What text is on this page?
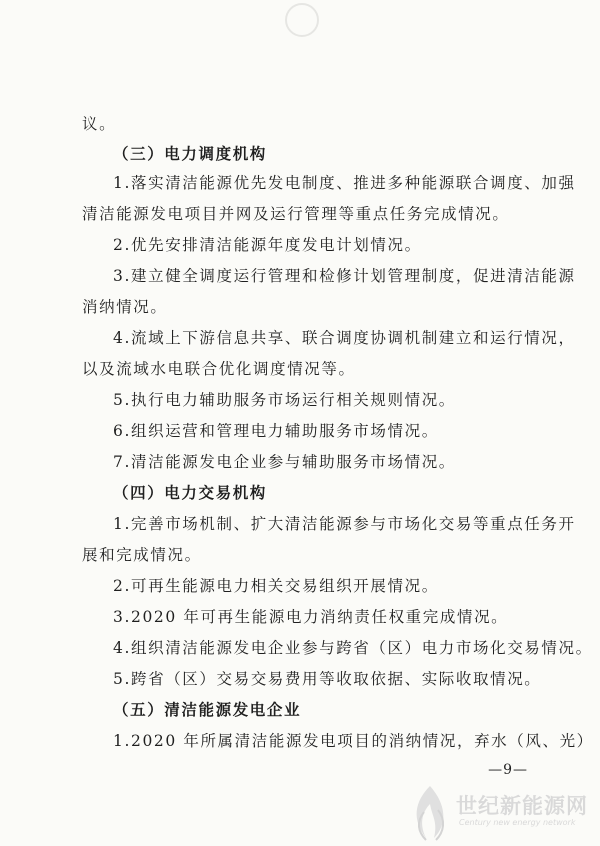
议。
（三）电力调度机构
1.落实清洁能源优先发电制度、推进多种能源联合调度、加强
清洁能源发电项目并网及运行管理等重点任务完成情况。
2.优先安排清洁能源年度发电计划情况。
3.建立健全调度运行管理和检修计划管理制度，促进清洁能源
消纳情况。
4.流域上下游信息共享、联合调度协调机制建立和运行情况，
以及流域水电联合优化调度情况等。
5.执行电力辅助服务市场运行相关规则情况。
6.组织运营和管理电力辅助服务市场情况。
7.清洁能源发电企业参与辅助服务市场情况。
（四）电力交易机构
1.完善市场机制、扩大清洁能源参与市场化交易等重点任务开
展和完成情况。
2.可再生能源电力相关交易组织开展情况。
3.2020 年可再生能源电力消纳责任权重完成情况。
4.组织清洁能源发电企业参与跨省（区）电力市场化交易情况。
5.跨省（区）交易交易费用等收取依据、实际收取情况。
（五）清洁能源发电企业
1.2020 年所属清洁能源发电项目的消纳情况，弃水（风、光）
—9—
世纪新能源网
Century new energy network
